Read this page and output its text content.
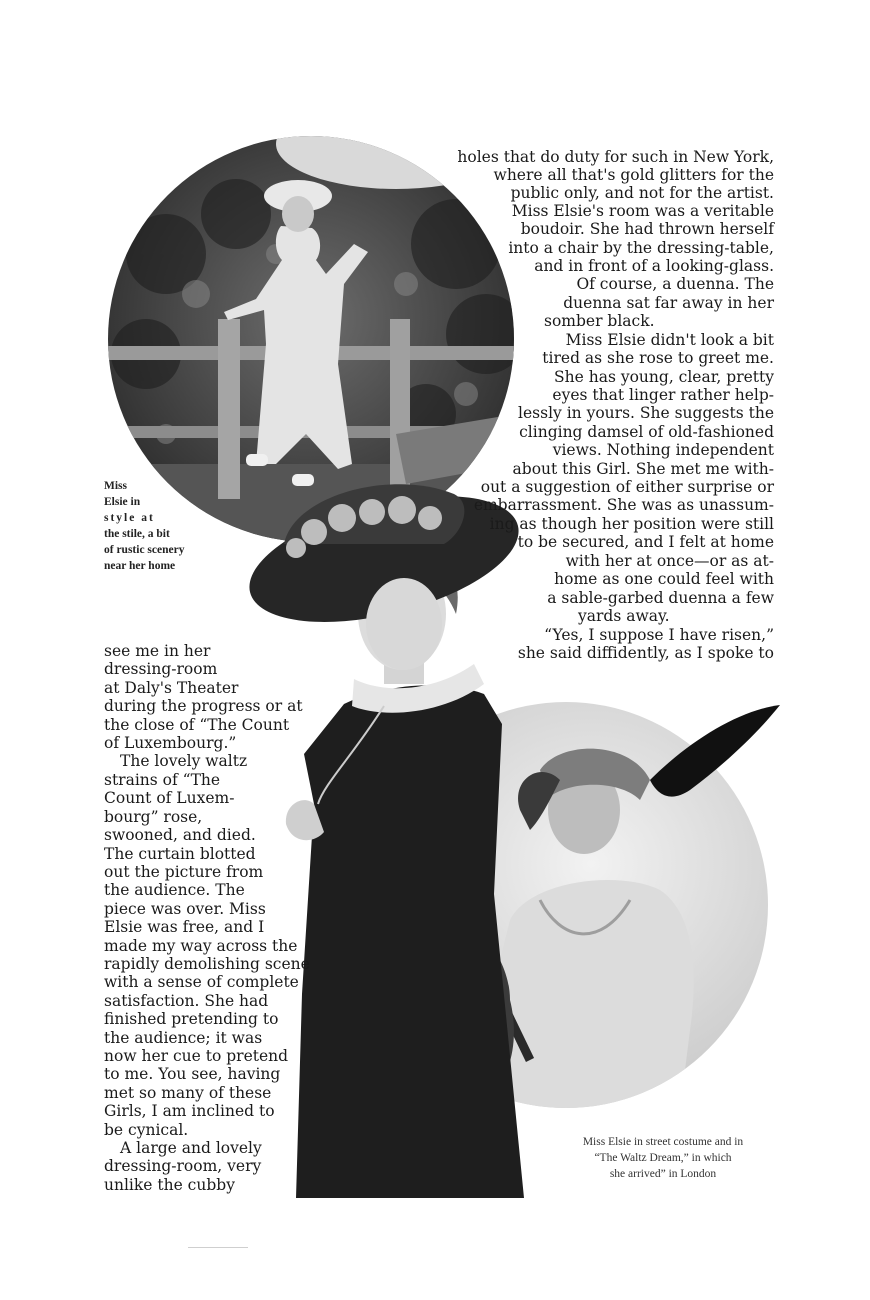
holes that do duty for such in New York,
where all that's gold glitters for the
public only, and not for the artist.
Miss Elsie's room was a veritable
boudoir. She had thrown herself
into a chair by the dressing-table,
and in front of a looking-glass.
Of course, a duenna. The
duenna sat far away in her
somber black.
Miss Elsie didn't look a bit
tired as she rose to greet me.
She has young, clear, pretty
eyes that linger rather help-
lessly in yours. She suggests the
clinging damsel of old-fashioned
views. Nothing independent
about this Girl. She met me with-
out a suggestion of either surprise or
embarrassment. She was as unassum-
ing as though her position were still
to be secured, and I felt at home
with her at once—or as at-
home as one could feel with
a sable-garbed duenna a few
yards away.
“Yes, I suppose I have risen,”
she said diffidently, as I spoke to
see me in her
dressing-room
at Daly's Theater
during the progress or at
the close of “The Count
of Luxembourg.”
The lovely waltz
strains of “The
Count of Luxem-
bourg” rose,
swooned, and died.
The curtain blotted
out the picture from
the audience. The
piece was over. Miss
Elsie was free, and I
made my way across the
rapidly demolishing scene
with a sense of complete
satisfaction. She had
finished pretending to
the audience; it was
now her cue to pretend
to me. You see, having
met so many of these
Girls, I am inclined to
be cynical.
A large and lovely
dressing-room, very
unlike the cubby
Miss
Elsie in
style at
the stile, a bit
of rustic scenery
near her home
Miss Elsie in street costume and in
“The Waltz Dream,” in which
she arrived” in London
